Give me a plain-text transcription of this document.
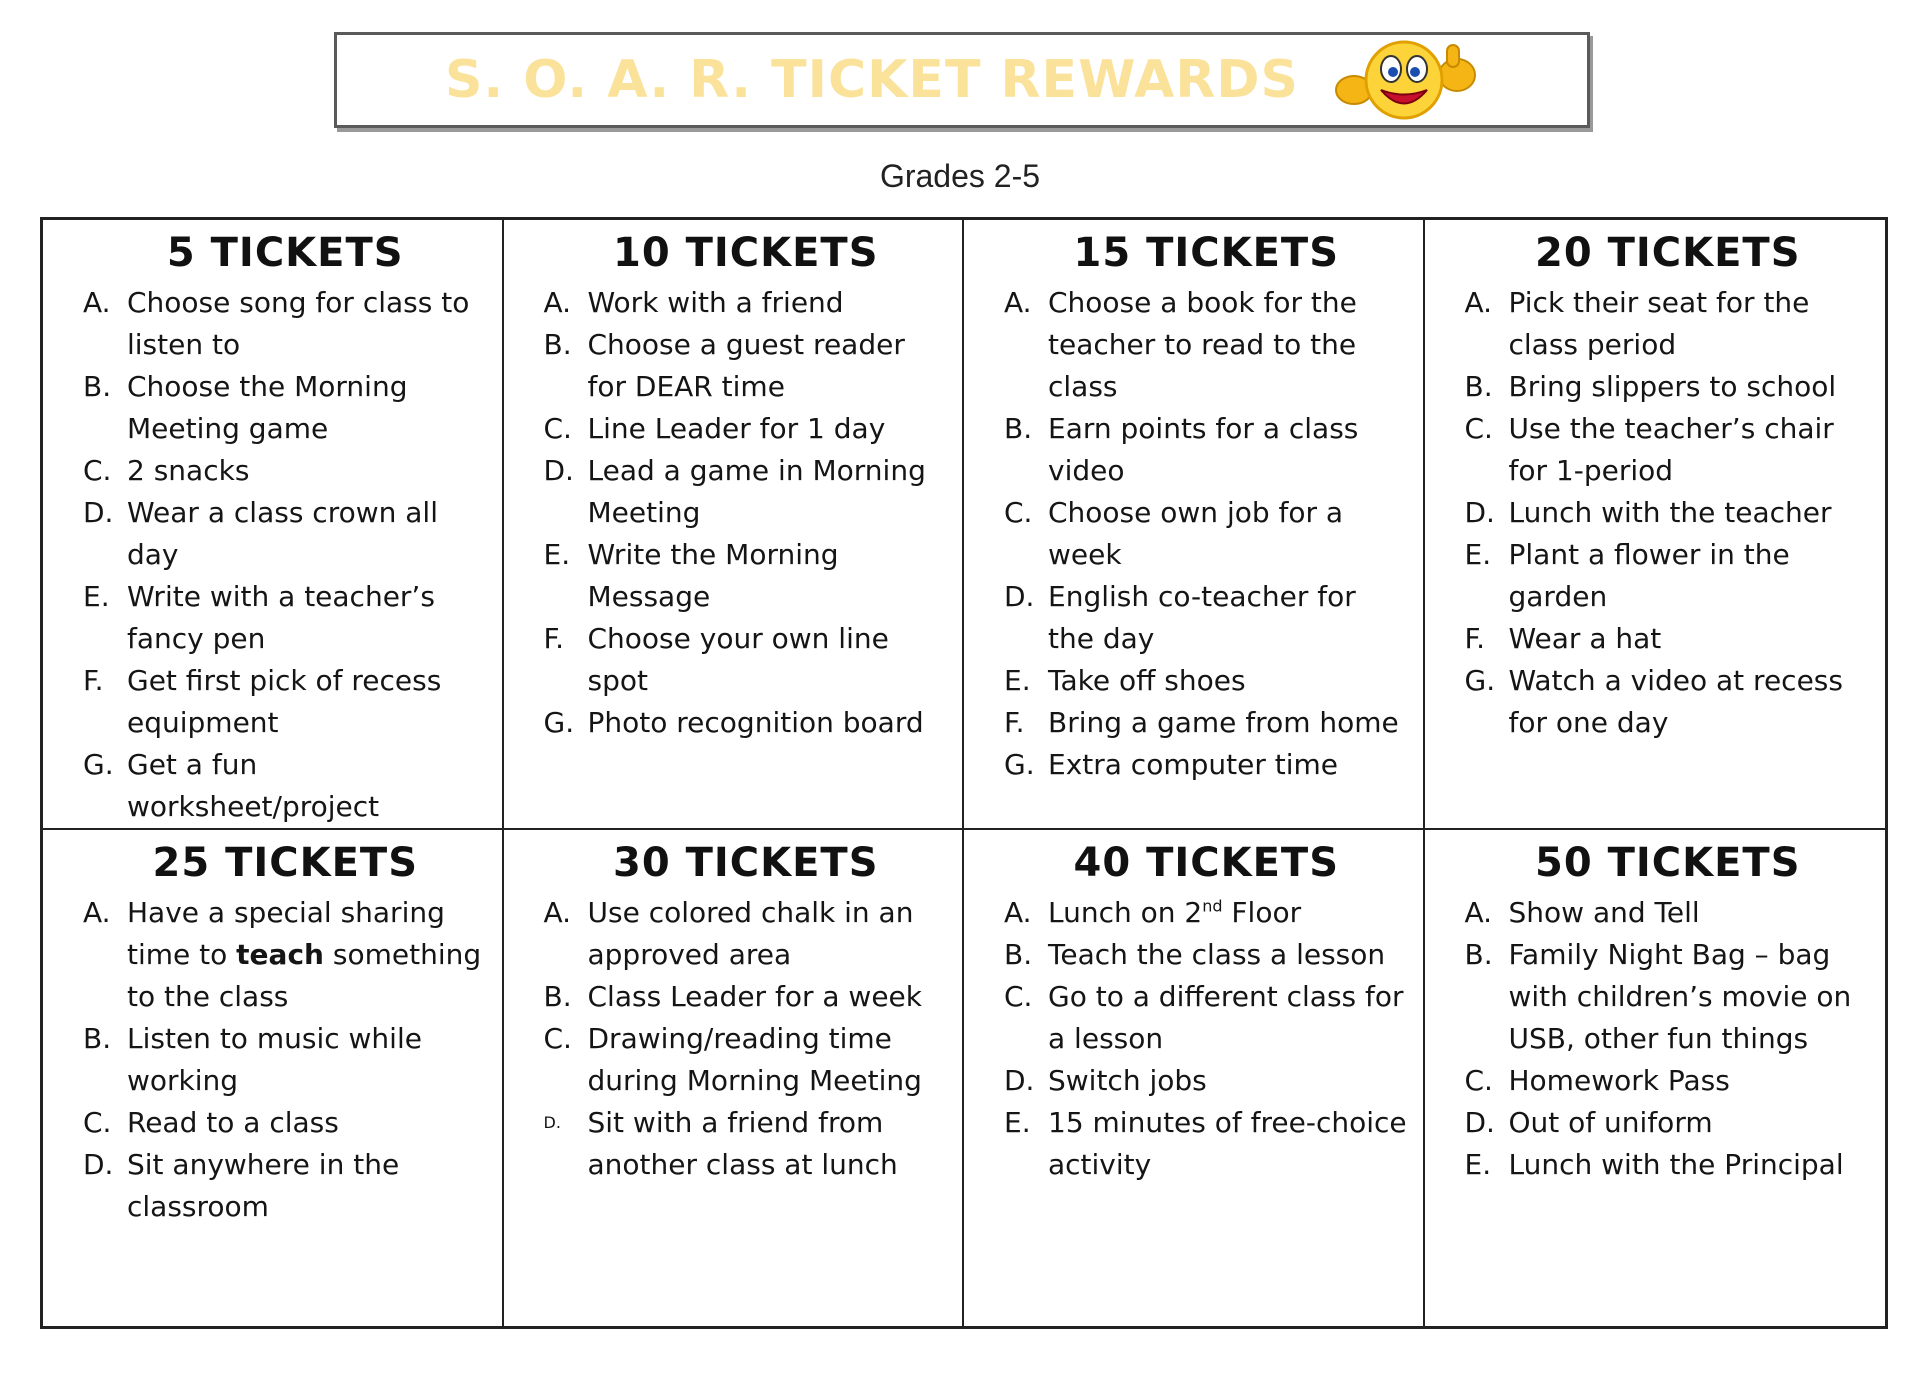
S. O. A. R. TICKET REWARDS
Grades 2-5
5 TICKETS
A. Choose song for class to listen to
B. Choose the Morning Meeting game
C. 2 snacks
D. Wear a class crown all day
E. Write with a teacher’s fancy pen
F. Get first pick of recess equipment
G. Get a fun worksheet/project
10 TICKETS
A. Work with a friend
B. Choose a guest reader for DEAR time
C. Line Leader for 1 day
D. Lead a game in Morning Meeting
E. Write the Morning Message
F. Choose your own line spot
G. Photo recognition board
15 TICKETS
A. Choose a book for the teacher to read to the class
B. Earn points for a class video
C. Choose own job for a week
D. English co-teacher for the day
E. Take off shoes
F. Bring a game from home
G. Extra computer time
20 TICKETS
A. Pick their seat for the class period
B. Bring slippers to school
C. Use the teacher’s chair for 1-period
D. Lunch with the teacher
E. Plant a flower in the garden
F. Wear a hat
G. Watch a video at recess for one day
25 TICKETS
A. Have a special sharing time to teach something to the class
B. Listen to music while working
C. Read to a class
D. Sit anywhere in the classroom
30 TICKETS
A. Use colored chalk in an approved area
B. Class Leader for a week
C. Drawing/reading time during Morning Meeting
D. Sit with a friend from another class at lunch
40 TICKETS
A. Lunch on 2nd Floor
B. Teach the class a lesson
C. Go to a different class for a lesson
D. Switch jobs
E. 15 minutes of free-choice activity
50 TICKETS
A. Show and Tell
B. Family Night Bag – bag with children’s movie on USB, other fun things
C. Homework Pass
D. Out of uniform
E. Lunch with the Principal
